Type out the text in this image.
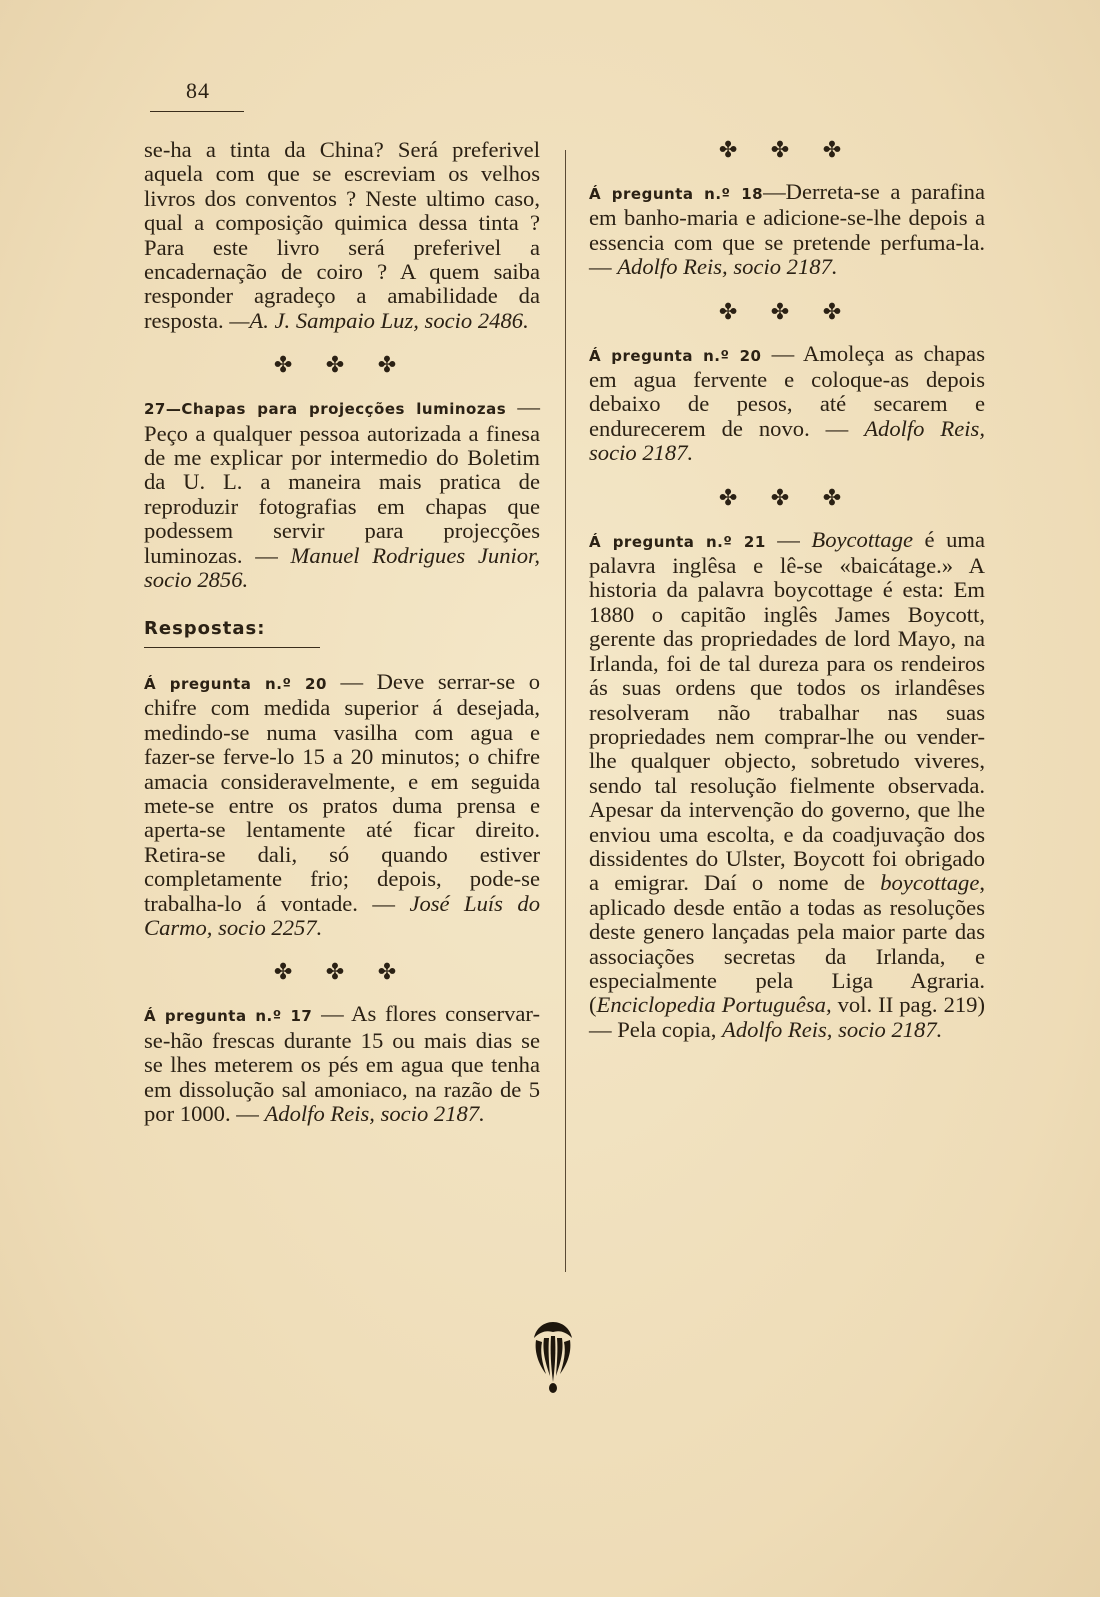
84

se-ha a tinta da China? Será preferivel aquela com que se escreviam os velhos livros dos conventos ? Neste ultimo caso, qual a composição quimica dessa tinta ? Para este livro será preferivel a encadernação de coiro ? A quem saiba responder agradeço a amabilidade da resposta. —A. J. Sampaio Luz, socio 2486.

✤ ✤ ✤

27—Chapas para projecções luminozas — Peço a qualquer pessoa autorizada a finesa de me explicar por intermedio do Boletim da U. L. a maneira mais pratica de reproduzir fotografias em chapas que podessem servir para projecções luminozas. — Manuel Rodrigues Junior, socio 2856.

Respostas:

Á pregunta n.º 20 — Deve serrar-se o chifre com medida superior á desejada, medindo-se numa vasilha com agua e fazer-se ferve-lo 15 a 20 minutos; o chifre amacia consideravelmente, e em seguida mete-se entre os pratos duma prensa e aperta-se lentamente até ficar direito. Retira-se dali, só quando estiver completamente frio; depois, pode-se trabalha-lo á vontade. — José Luís do Carmo, socio 2257.

✤ ✤ ✤

Á pregunta n.º 17 — As flores conservar-se-hão frescas durante 15 ou mais dias se se lhes meterem os pés em agua que tenha em dissolução sal amoniaco, na razão de 5 por 1000. — Adolfo Reis, socio 2187.

✤ ✤ ✤

Á pregunta n.º 18—Derreta-se a parafina em banho-maria e adicione-se-lhe depois a essencia com que se pretende perfuma-la. — Adolfo Reis, socio 2187.

✤ ✤ ✤

Á pregunta n.º 20 — Amoleça as chapas em agua fervente e coloque-as depois debaixo de pesos, até secarem e endurecerem de novo. — Adolfo Reis, socio 2187.

✤ ✤ ✤

Á pregunta n.º 21 — Boycottage é uma palavra inglêsa e lê-se «baicátage.» A historia da palavra boycottage é esta: Em 1880 o capitão inglês James Boycott, gerente das propriedades de lord Mayo, na Irlanda, foi de tal dureza para os rendeiros ás suas ordens que todos os irlandêses resolveram não trabalhar nas suas propriedades nem comprar-lhe ou vender-lhe qualquer objecto, sobretudo viveres, sendo tal resolução fielmente observada. Apesar da intervenção do governo, que lhe enviou uma escolta, e da coadjuvação dos dissidentes do Ulster, Boycott foi obrigado a emigrar. Daí o nome de boycottage, aplicado desde então a todas as resoluções deste genero lançadas pela maior parte das associações secretas da Irlanda, e especialmente pela Liga Agraria. (Enciclopedia Portuguêsa, vol. II pag. 219) — Pela copia, Adolfo Reis, socio 2187.
